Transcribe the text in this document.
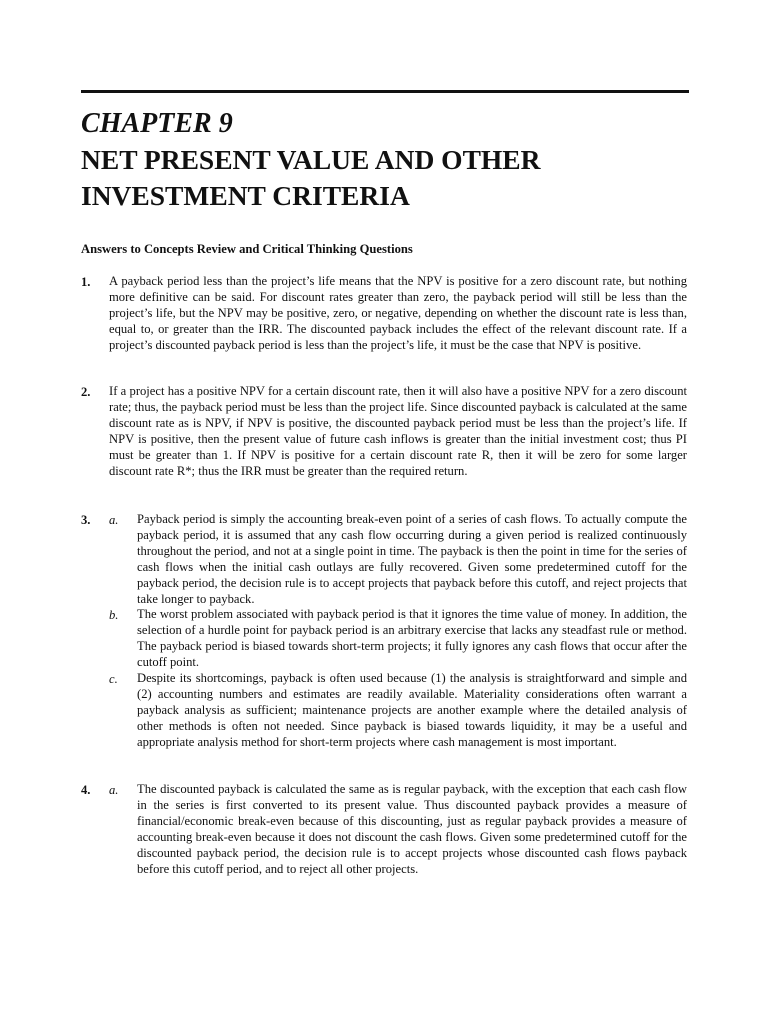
CHAPTER 9
NET PRESENT VALUE AND OTHER
INVESTMENT CRITERIA
Answers to Concepts Review and Critical Thinking Questions
1. A payback period less than the project’s life means that the NPV is positive for a zero discount rate, but nothing more definitive can be said. For discount rates greater than zero, the payback period will still be less than the project’s life, but the NPV may be positive, zero, or negative, depending on whether the discount rate is less than, equal to, or greater than the IRR. The discounted payback includes the effect of the relevant discount rate. If a project’s discounted payback period is less than the project’s life, it must be the case that NPV is positive.
2. If a project has a positive NPV for a certain discount rate, then it will also have a positive NPV for a zero discount rate; thus, the payback period must be less than the project life. Since discounted payback is calculated at the same discount rate as is NPV, if NPV is positive, the discounted payback period must be less than the project’s life. If NPV is positive, then the present value of future cash inflows is greater than the initial investment cost; thus PI must be greater than 1. If NPV is positive for a certain discount rate R, then it will be zero for some larger discount rate R*; thus the IRR must be greater than the required return.
3. a. Payback period is simply the accounting break-even point of a series of cash flows. To actually compute the payback period, it is assumed that any cash flow occurring during a given period is realized continuously throughout the period, and not at a single point in time. The payback is then the point in time for the series of cash flows when the initial cash outlays are fully recovered. Given some predetermined cutoff for the payback period, the decision rule is to accept projects that payback before this cutoff, and reject projects that take longer to payback.
b. The worst problem associated with payback period is that it ignores the time value of money. In addition, the selection of a hurdle point for payback period is an arbitrary exercise that lacks any steadfast rule or method. The payback period is biased towards short-term projects; it fully ignores any cash flows that occur after the cutoff point.
c. Despite its shortcomings, payback is often used because (1) the analysis is straightforward and simple and (2) accounting numbers and estimates are readily available. Materiality considerations often warrant a payback analysis as sufficient; maintenance projects are another example where the detailed analysis of other methods is often not needed. Since payback is biased towards liquidity, it may be a useful and appropriate analysis method for short-term projects where cash management is most important.
4. a. The discounted payback is calculated the same as is regular payback, with the exception that each cash flow in the series is first converted to its present value. Thus discounted payback provides a measure of financial/economic break-even because of this discounting, just as regular payback provides a measure of accounting break-even because it does not discount the cash flows. Given some predetermined cutoff for the discounted payback period, the decision rule is to accept projects whose discounted cash flows payback before this cutoff period, and to reject all other projects.
